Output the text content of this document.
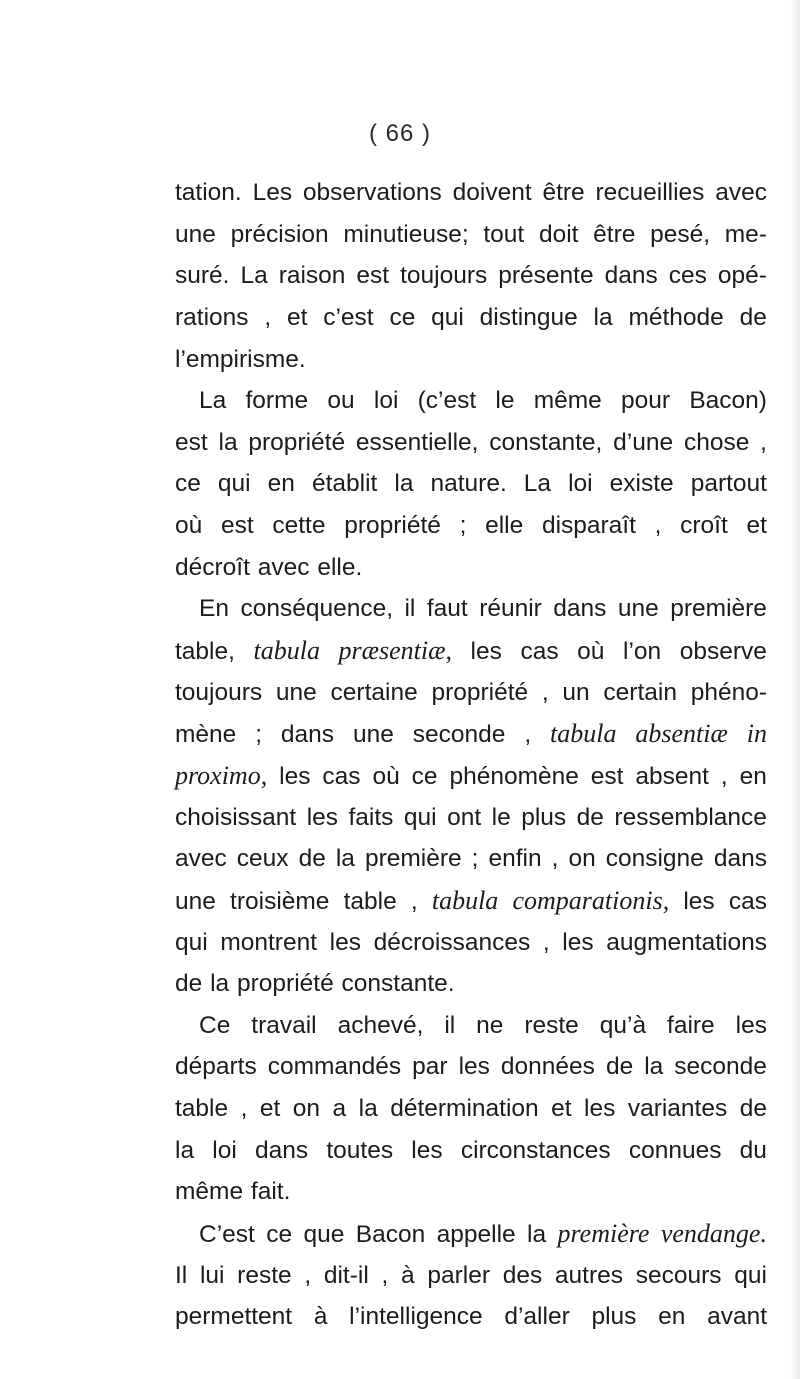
( 66 )
tation. Les observations doivent être recueillies avec
une précision minutieuse; tout doit être pesé, me-
suré. La raison est toujours présente dans ces opé-
rations , et c’est ce qui distingue la méthode de
l’empirisme.
La forme ou loi (c’est le même pour Bacon)
est la propriété essentielle, constante, d’une chose ,
ce qui en établit la nature. La loi existe partout
où est cette propriété ; elle disparaît , croît et
décroît avec elle.
En conséquence, il faut réunir dans une première
table, tabula præsentiæ, les cas où l’on observe
toujours une certaine propriété , un certain phéno-
mène ; dans une seconde , tabula absentiæ in
proximo, les cas où ce phénomène est absent , en
choisissant les faits qui ont le plus de ressemblance
avec ceux de la première ; enfin , on consigne dans
une troisième table , tabula comparationis, les cas
qui montrent les décroissances , les augmentations
de la propriété constante.
Ce travail achevé, il ne reste qu’à faire les
départs commandés par les données de la seconde
table , et on a la détermination et les variantes de
la loi dans toutes les circonstances connues du
même fait.
C’est ce que Bacon appelle la première vendange.
Il lui reste , dit-il , à parler des autres secours qui
permettent à l’intelligence d’aller plus en avant
